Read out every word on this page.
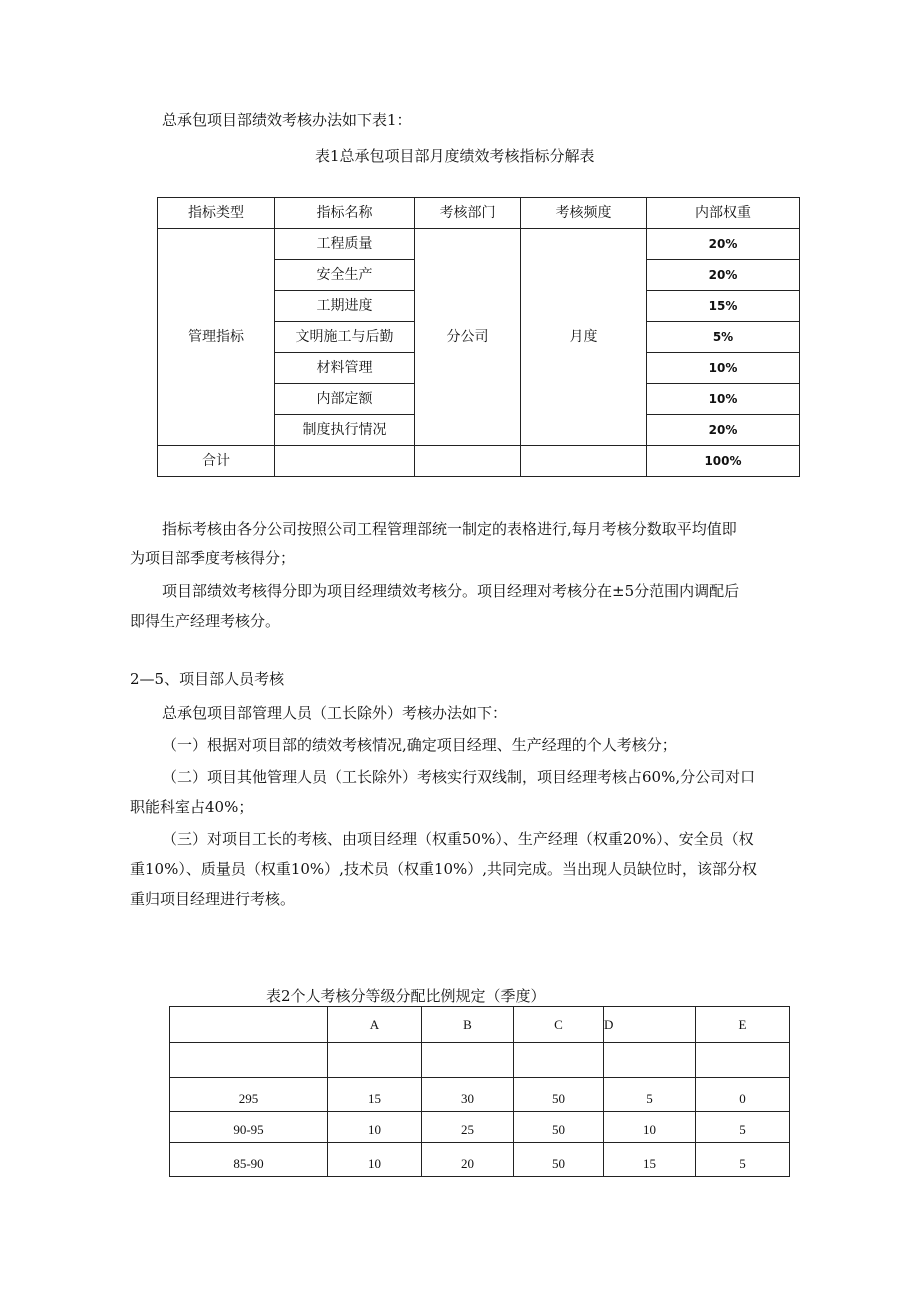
总承包项目部绩效考核办法如下表1：
表1总承包项目部月度绩效考核指标分解表
指标类型	指标名称	考核部门	考核频度	内部权重
管理指标	工程质量	分公司	月度	20%
	安全生产			20%
	工期进度			15%
	文明施工与后勤			5%
	材料管理			10%
	内部定额			10%
	制度执行情况			20%
合计				100%
指标考核由各分公司按照公司工程管理部统一制定的表格进行,每月考核分数取平均值即
为项目部季度考核得分；
项目部绩效考核得分即为项目经理绩效考核分。项目经理对考核分在±5分范围内调配后
即得生产经理考核分。
2—5、项目部人员考核
总承包项目部管理人员（工长除外）考核办法如下：
（一）根据对项目部的绩效考核情况,确定项目经理、生产经理的个人考核分；
（二）项目其他管理人员（工长除外）考核实行双线制，项目经理考核占60%,分公司对口
职能科室占40%；
（三）对项目工长的考核、由项目经理（权重50%）、生产经理（权重20%）、安全员（权
重10%）、质量员（权重10%）,技术员（权重10%）,共同完成。当出现人员缺位时，该部分权
重归项目经理进行考核。
表2个人考核分等级分配比例规定（季度）
	A	B	C	D	E

295	15	30	50	5	0
90-95	10	25	50	10	5
85-90	10	20	50	15	5
